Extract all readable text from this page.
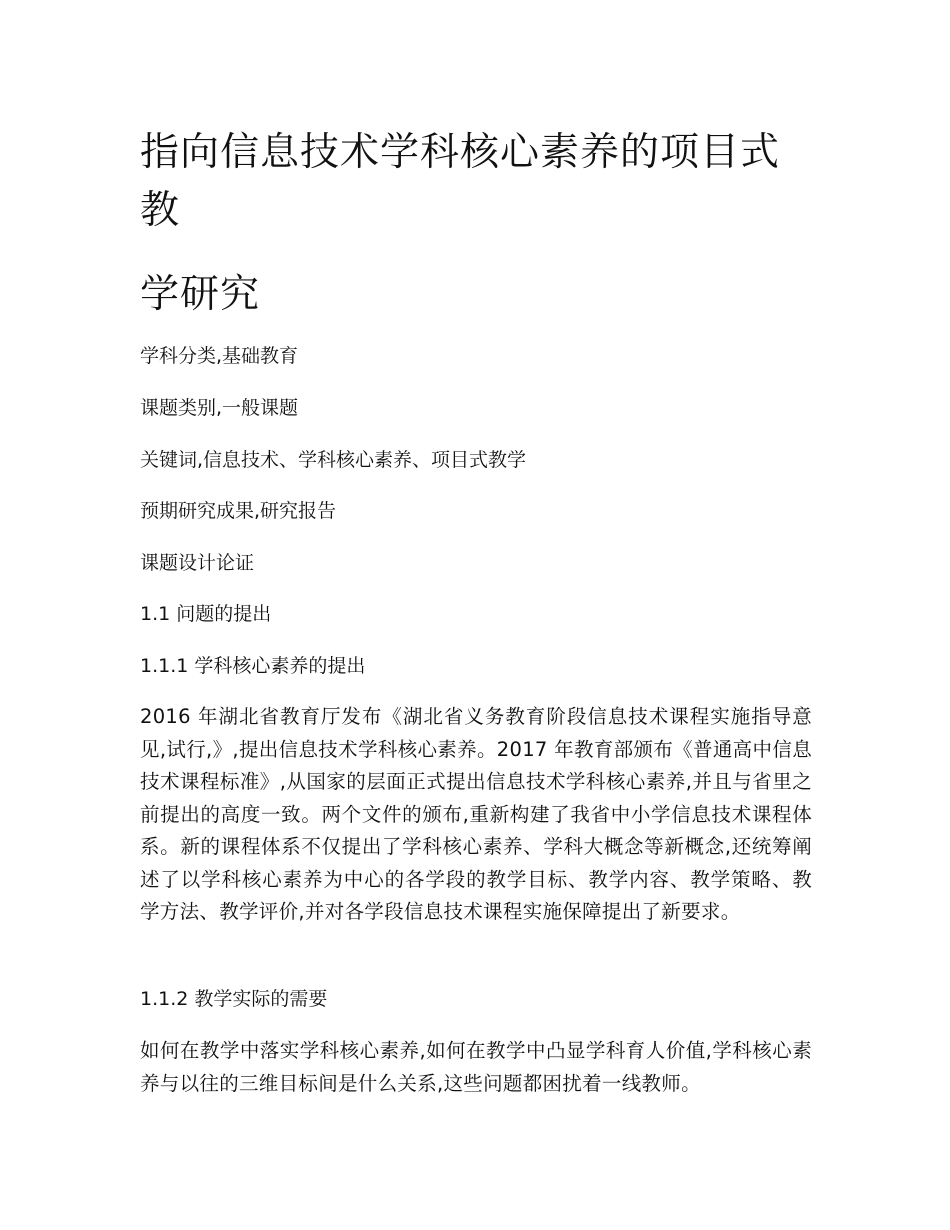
指向信息技术学科核心素养的项目式教
学研究

学科分类,基础教育

课题类别,一般课题

关键词,信息技术、学科核心素养、项目式教学

预期研究成果,研究报告

课题设计论证

1.1 问题的提出

1.1.1 学科核心素养的提出

2016 年湖北省教育厅发布《湖北省义务教育阶段信息技术课程实施指导意见,试行,》,提出信息技术学科核心素养。2017 年教育部颁布《普通高中信息技术课程标准》,从国家的层面正式提出信息技术学科核心素养,并且与省里之前提出的高度一致。两个文件的颁布,重新构建了我省中小学信息技术课程体系。新的课程体系不仅提出了学科核心素养、学科大概念等新概念,还统筹阐述了以学科核心素养为中心的各学段的教学目标、教学内容、教学策略、教学方法、教学评价,并对各学段信息技术课程实施保障提出了新要求。

1.1.2 教学实际的需要

如何在教学中落实学科核心素养,如何在教学中凸显学科育人价值,学科核心素养与以往的三维目标间是什么关系,这些问题都困扰着一线教师。
